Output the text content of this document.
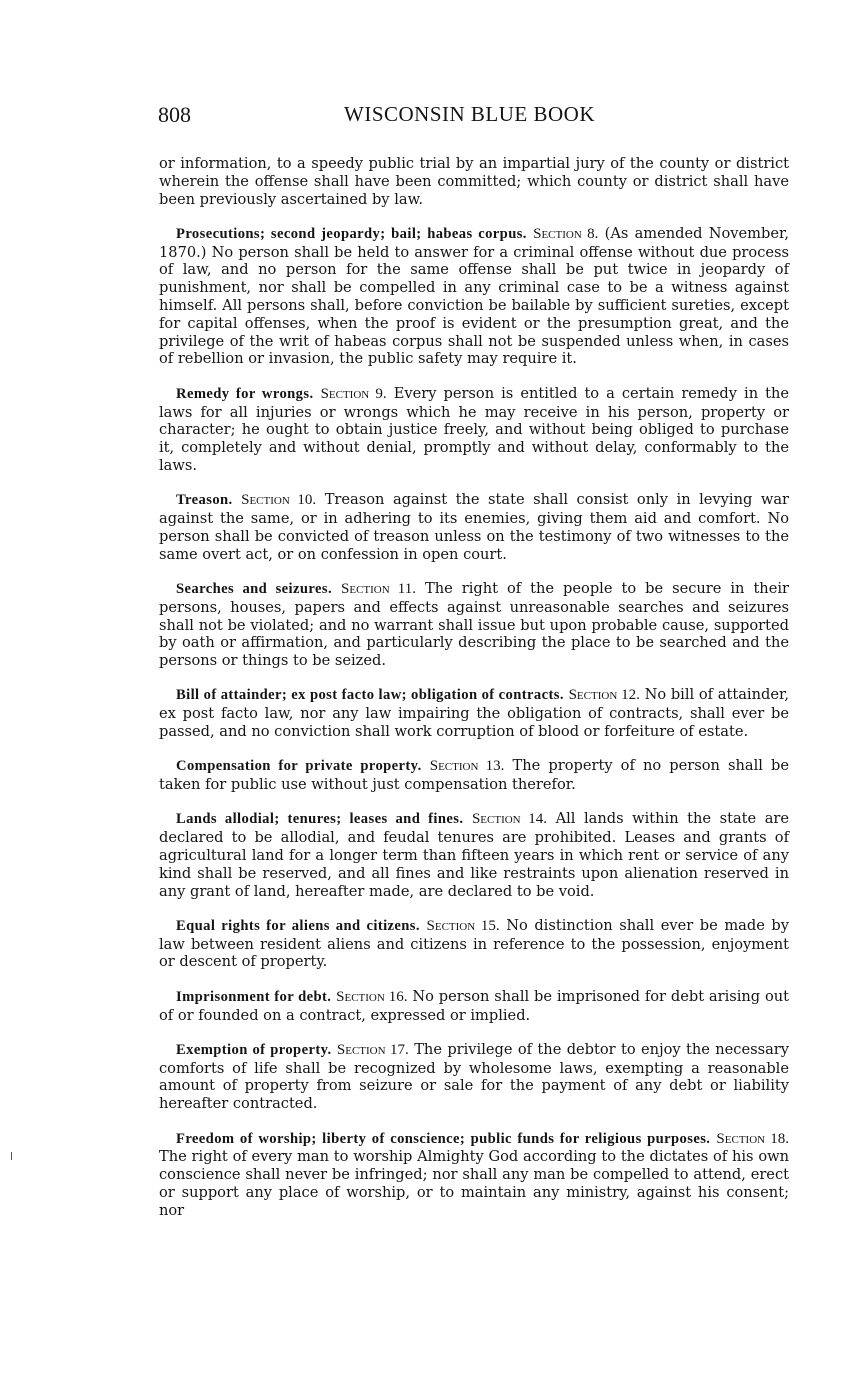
808	WISCONSIN BLUE BOOK

or information, to a speedy public trial by an impartial jury of the county or district wherein the offense shall have been committed; which county or district shall have been previously ascertained by law.

Prosecutions; second jeopardy; bail; habeas corpus. Section 8. (As amended November, 1870.) No person shall be held to answer for a criminal offense without due process of law, and no person for the same offense shall be put twice in jeopardy of punishment, nor shall be compelled in any criminal case to be a witness against himself. All persons shall, before conviction be bailable by sufficient sureties, except for capital offenses, when the proof is evident or the presumption great, and the privilege of the writ of habeas corpus shall not be suspended unless when, in cases of rebellion or invasion, the public safety may require it.

Remedy for wrongs. Section 9. Every person is entitled to a certain remedy in the laws for all injuries or wrongs which he may receive in his person, property or character; he ought to obtain justice freely, and without being obliged to purchase it, completely and without denial, promptly and without delay, conformably to the laws.

Treason. Section 10. Treason against the state shall consist only in levying war against the same, or in adhering to its enemies, giving them aid and comfort. No person shall be convicted of treason unless on the testimony of two witnesses to the same overt act, or on confession in open court.

Searches and seizures. Section 11. The right of the people to be secure in their persons, houses, papers and effects against unreasonable searches and seizures shall not be violated; and no warrant shall issue but upon probable cause, supported by oath or affirmation, and particularly describing the place to be searched and the persons or things to be seized.

Bill of attainder; ex post facto law; obligation of contracts. Section 12. No bill of attainder, ex post facto law, nor any law impairing the obligation of contracts, shall ever be passed, and no conviction shall work corruption of blood or forfeiture of estate.

Compensation for private property. Section 13. The property of no person shall be taken for public use without just compensation therefor.

Lands allodial; tenures; leases and fines. Section 14. All lands within the state are declared to be allodial, and feudal tenures are prohibited. Leases and grants of agricultural land for a longer term than fifteen years in which rent or service of any kind shall be reserved, and all fines and like restraints upon alienation reserved in any grant of land, hereafter made, are declared to be void.

Equal rights for aliens and citizens. Section 15. No distinction shall ever be made by law between resident aliens and citizens in reference to the possession, enjoyment or descent of property.

Imprisonment for debt. Section 16. No person shall be imprisoned for debt arising out of or founded on a contract, expressed or implied.

Exemption of property. Section 17. The privilege of the debtor to enjoy the necessary comforts of life shall be recognized by wholesome laws, exempting a reasonable amount of property from seizure or sale for the payment of any debt or liability hereafter contracted.

Freedom of worship; liberty of conscience; public funds for religious purposes. Section 18. The right of every man to worship Almighty God according to the dictates of his own conscience shall never be infringed; nor shall any man be compelled to attend, erect or support any place of worship, or to maintain any ministry, against his consent; nor
